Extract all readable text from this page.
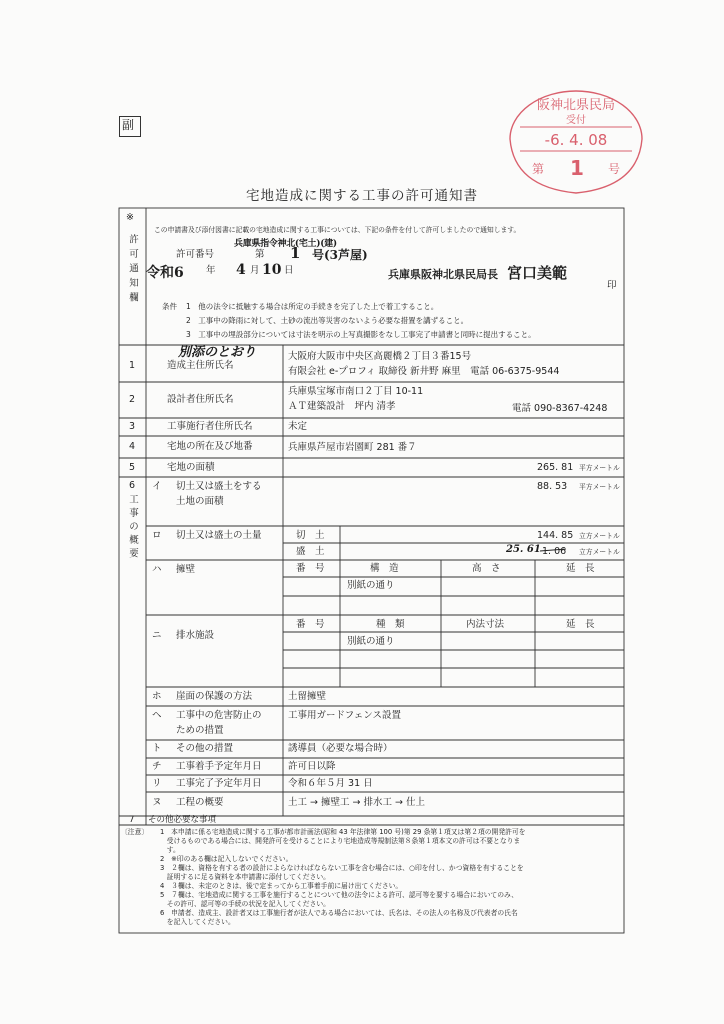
副
阪神北県民局
受付
-6. 4. 08
第 1 号
宅地造成に関する工事の許可通知書
※
許可通知欄
この申請書及び添付図書に記載の宅地造成に関する工事については、下記の条件を付して許可しましたので通知します。
許可番号
兵庫県指令神北(宅土)(建)
第 1 号(3芦屋)
令和6 年 4 月 10 日	兵庫県阪神北県民局長 宮口美範
印
条件 1　他の法令に抵触する場合は所定の手続きを完了した上で着工すること。
2　工事中の降雨に対して、土砂の流出等災害のないよう必要な措置を講ずること。
3　工事中の埋設部分については寸法を明示の上写真撮影をなし工事完了申請書と同時に提出すること。
別添のとおり
1	造成主住所氏名
大阪府大阪市中央区高麗橋２丁目３番15号
有限会社 e-プロフィ 取締役 新井野 麻里　電話 06-6375-9544
2	設計者住所氏名
兵庫県宝塚市南口２丁目 10-11
ＡＴ建築設計　坪内 清孝	電話 090-8367-4248
3	工事施行者住所氏名	未定
4	宅地の所在及び地番	兵庫県芦屋市岩園町 281 番７
5	宅地の面積	265. 81 平方メートル
6
工事の概要
イ 切土又は盛土をする
土地の面積
88. 53 平方メートル
ロ 切土又は盛土の土量	切　土	144. 85 立方メートル
盛　土	25. 61 1. 06 立方メートル
ハ 擁壁	番　号	構　造	高　さ	延　長
別紙の通り
ニ 排水施設
番　号	種　類	内法寸法	延　長
別紙の通り
ホ 崖面の保護の方法	土留擁壁
ヘ 工事中の危害防止の
ための措置
工事用ガードフェンス設置
ト その他の措置	誘導員（必要な場合時）
チ 工事着手予定年月日	許可日以降
リ 工事完了予定年月日	令和６年５月 31 日
ヌ 工程の概要	土工 → 擁壁工 → 排水工 → 仕上
7 その他必要な事項
〔注意〕 1　本申請に係る宅地造成に関する工事が都市計画法(昭和 43 年法律第 100 号)第 29 条第１項又は第２項の開発許可を
　受けるものである場合には、開発許可を受けることにより宅地造成等規制法第８条第１項本文の許可は不要となりま
　す。
2　※印のある欄は記入しないでください。
3　２欄は、資格を有する者の設計によらなければならない工事を含む場合には、○印を付し、かつ資格を有することを
　証明するに足る資料を本申請書に添付してください。
4　３欄は、未定のときは、後で定まってから工事着手前に届け出てください。
5　７欄は、宅地造成に関する工事を施行することについて他の法令による許可、認可等を要する場合においてのみ、
　その許可、認可等の手続の状況を記入してください。
6　申請者、造成主、設計者又は工事施行者が法人である場合においては、氏名は、その法人の名称及び代表者の氏名
　を記入してください。
